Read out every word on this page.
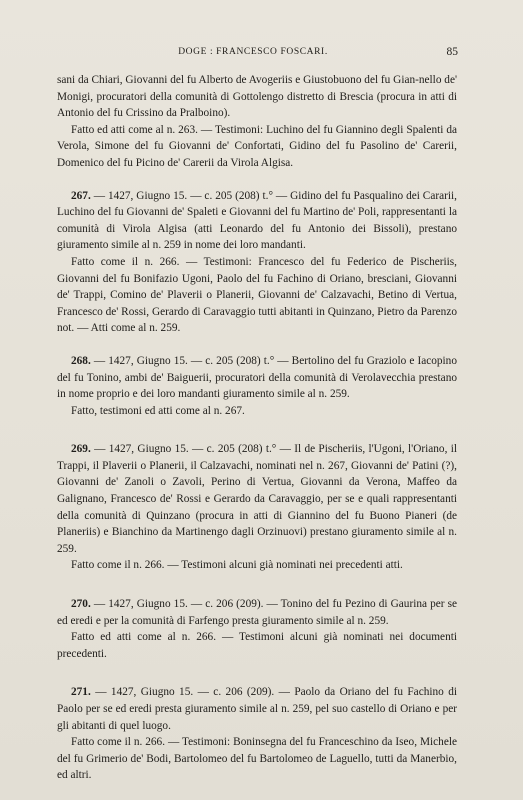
DOGE : FRANCESCO FOSCARI.	85

sani da Chiari, Giovanni del fu Alberto de Avogeriis e Giustobuono del fu Gian-nello de' Monigi, procuratori della comunità di Gottolengo distretto di Brescia (procura in atti di Antonio del fu Crissino da Pralboino).

Fatto ed atti come al n. 263. — Testimoni: Luchino del fu Giannino degli Spalenti da Verola, Simone del fu Giovanni de' Confortati, Gidino del fu Pasolino de' Carerii, Domenico del fu Picino de' Carerii da Virola Algisa.

267. — 1427, Giugno 15. — c. 205 (208) t.° — Gidino del fu Pasqualino dei Cararii, Luchino del fu Giovanni de' Spaleti e Giovanni del fu Martino de' Poli, rappresentanti la comunità di Virola Algisa (atti Leonardo del fu Antonio dei Bissoli), prestano giuramento simile al n. 259 in nome dei loro mandanti.

Fatto come il n. 266. — Testimoni: Francesco del fu Federico de Pischeriis, Giovanni del fu Bonifazio Ugoni, Paolo del fu Fachino di Oriano, bresciani, Giovanni de' Trappi, Comino de' Plaverii o Planerii, Giovanni de' Calzavachi, Betino di Vertua, Francesco de' Rossi, Gerardo di Caravaggio tutti abitanti in Quinzano, Pietro da Parenzo not. — Atti come al n. 259.

268. — 1427, Giugno 15. — c. 205 (208) t.° — Bertolino del fu Graziolo e Iacopino del fu Tonino, ambi de' Baiguerii, procuratori della comunità di Verolavecchia prestano in nome proprio e dei loro mandanti giuramento simile al n. 259.

Fatto, testimoni ed atti come al n. 267.

269. — 1427, Giugno 15. — c. 205 (208) t.° — Il de Pischeriis, l'Ugoni, l'Oriano, il Trappi, il Plaverii o Planerii, il Calzavachi, nominati nel n. 267, Giovanni de' Patini (?), Giovanni de' Zanoli o Zavoli, Perino di Vertua, Giovanni da Verona, Maffeo da Galignano, Francesco de' Rossi e Gerardo da Caravaggio, per se e quali rappresentanti della comunità di Quinzano (procura in atti di Giannino del fu Buono Pianeri (de Planeriis) e Bianchino da Martinengo dagli Orzinuovi) prestano giuramento simile al n. 259.

Fatto come il n. 266. — Testimoni alcuni già nominati nei precedenti atti.

270. — 1427, Giugno 15. — c. 206 (209). — Tonino del fu Pezino di Gaurina per se ed eredi e per la comunità di Farfengo presta giuramento simile al n. 259.

Fatto ed atti come al n. 266. — Testimoni alcuni già nominati nei documenti precedenti.

271. — 1427, Giugno 15. — c. 206 (209). — Paolo da Oriano del fu Fachino di Paolo per se ed eredi presta giuramento simile al n. 259, pel suo castello di Oriano e per gli abitanti di quel luogo.

Fatto come il n. 266. — Testimoni: Boninsegna del fu Franceschino da Iseo, Michele del fu Grimerio de' Bodi, Bartolomeo del fu Bartolomeo de Laguello, tutti da Manerbio, ed altri.
